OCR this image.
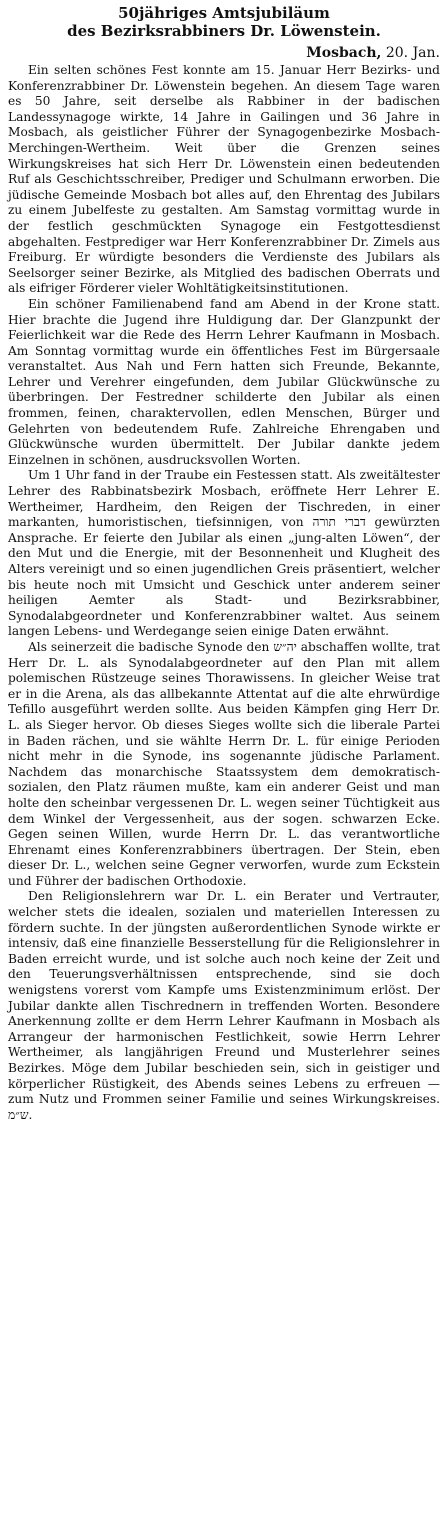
50jähriges Amtsjubiläum
des Bezirksrabbiners Dr. Löwenstein.
Mosbach, 20. Jan.

Ein selten schönes Fest konnte am 15. Januar Herr Bezirks- und Konferenzrabbiner Dr. Löwenstein begehen. An diesem Tage waren es 50 Jahre, seit derselbe als Rabbiner in der badischen Landessynagoge wirkte, 14 Jahre in Gailingen und 36 Jahre in Mosbach, als geistlicher Führer der Synagogenbezirke Mosbach-Merchingen-Wertheim. Weit über die Grenzen seines Wirkungskreises hat sich Herr Dr. Löwenstein einen bedeutenden Ruf als Geschichtsschreiber, Prediger und Schulmann erworben. Die jüdische Gemeinde Mosbach bot alles auf, den Ehrentag des Jubilars zu einem Jubelfeste zu gestalten. Am Samstag vormittag wurde in der festlich geschmückten Synagoge ein Festgottesdienst abgehalten. Festprediger war Herr Konferenzrabbiner Dr. Zimels aus Freiburg. Er würdigte besonders die Verdienste des Jubilars als Seelsorger seiner Bezirke, als Mitglied des badischen Oberrats und als eifriger Förderer vieler Wohltätigkeitsinstitutionen.

Ein schöner Familienabend fand am Abend in der Krone statt. Hier brachte die Jugend ihre Huldigung dar. Der Glanzpunkt der Feierlichkeit war die Rede des Herrn Lehrer Kaufmann in Mosbach. Am Sonntag vormittag wurde ein öffentliches Fest im Bürgersaale veranstaltet. Aus Nah und Fern hatten sich Freunde, Bekannte, Lehrer und Verehrer eingefunden, dem Jubilar Glückwünsche zu überbringen. Der Festredner schilderte den Jubilar als einen frommen, feinen, charaktervollen, edlen Menschen, Bürger und Gelehrten von bedeutendem Rufe. Zahlreiche Ehrengaben und Glückwünsche wurden übermittelt. Der Jubilar dankte jedem Einzelnen in schönen, ausdrucksvollen Worten.

Um 1 Uhr fand in der Traube ein Festessen statt. Als zweitältester Lehrer des Rabbinatsbezirk Mosbach, eröffnete Herr Lehrer E. Wertheimer, Hardheim, den Reigen der Tischreden, in einer markanten, humoristischen, tiefsinnigen, von דברי תורה gewürzten Ansprache. Er feierte den Jubilar als einen „jung-alten Löwen“, der den Mut und die Energie, mit der Besonnenheit und Klugheit des Alters vereinigt und so einen jugendlichen Greis präsentiert, welcher bis heute noch mit Umsicht und Geschick unter anderem seiner heiligen Aemter als Stadt- und Bezirksrabbiner, Synodalabgeordneter und Konferenzrabbiner waltet. Aus seinem langen Lebens- und Werdegange seien einige Daten erwähnt.

Als seinerzeit die badische Synode den יה״ש abschaffen wollte, trat Herr Dr. L. als Synodalabgeordneter auf den Plan mit allem polemischen Rüstzeuge seines Thorawissens. In gleicher Weise trat er in die Arena, als das allbekannte Attentat auf die alte ehrwürdige Tefillo ausgeführt werden sollte. Aus beiden Kämpfen ging Herr Dr. L. als Sieger hervor. Ob dieses Sieges wollte sich die liberale Partei in Baden rächen, und sie wählte Herrn Dr. L. für einige Perioden nicht mehr in die Synode, ins sogenannte jüdische Parlament. Nachdem das monarchische Staatssystem dem demokratisch-sozialen, den Platz räumen mußte, kam ein anderer Geist und man holte den scheinbar vergessenen Dr. L. wegen seiner Tüchtigkeit aus dem Winkel der Vergessenheit, aus der sogen. schwarzen Ecke. Gegen seinen Willen, wurde Herrn Dr. L. das verantwortliche Ehrenamt eines Konferenzrabbiners übertragen. Der Stein, eben dieser Dr. L., welchen seine Gegner verworfen, wurde zum Eckstein und Führer der badischen Orthodoxie.

Den Religionslehrern war Dr. L. ein Berater und Vertrauter, welcher stets die idealen, sozialen und materiellen Interessen zu fördern suchte. In der jüngsten außerordentlichen Synode wirkte er intensiv, daß eine finanzielle Besserstellung für die Religionslehrer in Baden erreicht wurde, und ist solche auch noch keine der Zeit und den Teuerungsverhältnissen entsprechende, sind sie doch wenigstens vorerst vom Kampfe ums Existenzminimum erlöst. Der Jubilar dankte allen Tischrednern in treffenden Worten. Besondere Anerkennung zollte er dem Herrn Lehrer Kaufmann in Mosbach als Arrangeur der harmonischen Festlichkeit, sowie Herrn Lehrer Wertheimer, als langjährigen Freund und Musterlehrer seines Bezirkes. Möge dem Jubilar beschieden sein, sich in geistiger und körperlicher Rüstigkeit, des Abends seines Lebens zu erfreuen — zum Nutz und Frommen seiner Familie und seines Wirkungskreises. ש״מ.
